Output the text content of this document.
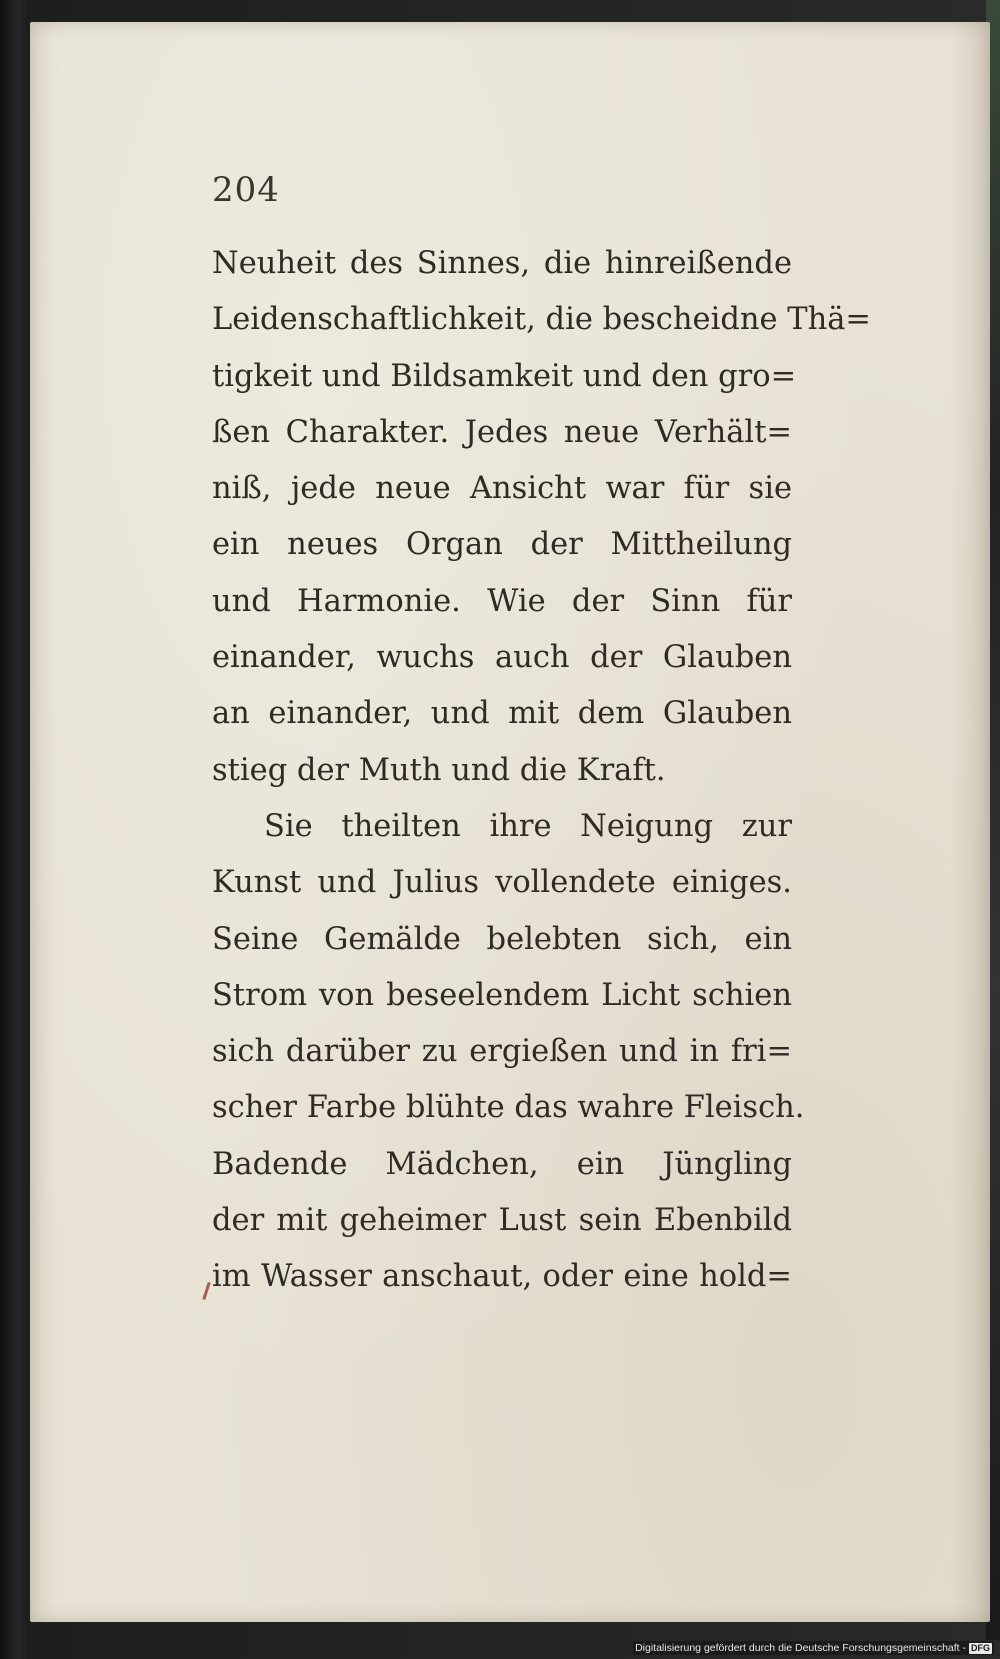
204
Neuheit des Sinnes, die hinreißende
Leidenschaftlichkeit, die bescheidne Thä=
tigkeit und Bildsamkeit und den gro=
ßen Charakter. Jedes neue Verhält=
niß, jede neue Ansicht war für sie
ein neues Organ der Mittheilung
und Harmonie. Wie der Sinn für
einander, wuchs auch der Glauben
an einander, und mit dem Glauben
stieg der Muth und die Kraft.
Sie theilten ihre Neigung zur
Kunst und Julius vollendete einiges.
Seine Gemälde belebten sich, ein
Strom von beseelendem Licht schien
sich darüber zu ergießen und in fri=
scher Farbe blühte das wahre Fleisch.
Badende Mädchen, ein Jüngling
der mit geheimer Lust sein Ebenbild
im Wasser anschaut, oder eine hold=
Digitalisierung gefördert durch die Deutsche Forschungsgemeinschaft - DFG
